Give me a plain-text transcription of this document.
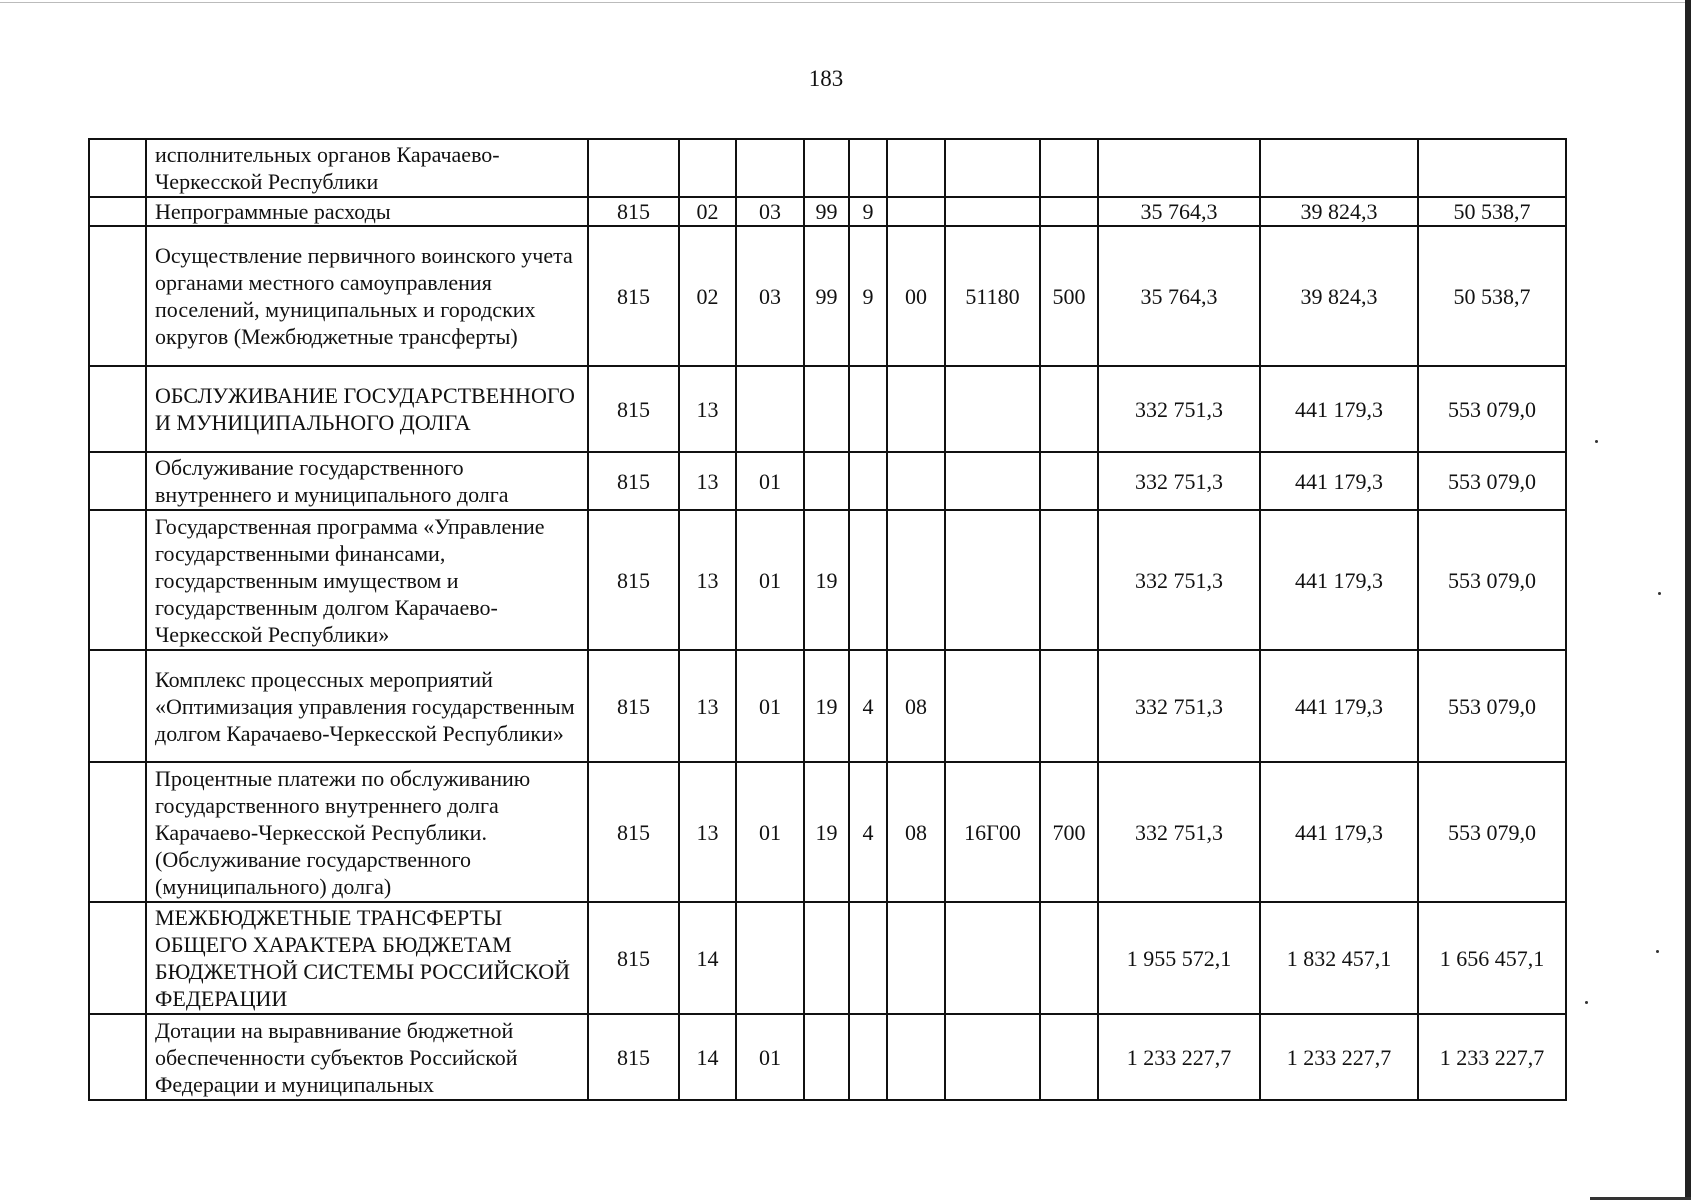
183
	исполнительных органов Карачаево-Черкесской Республики											
	Непрограммные расходы	815	02	03	99	9				35 764,3	39 824,3	50 538,7
	Осуществление первичного воинского учета органами местного самоуправления поселений, муниципальных и городских округов (Межбюджетные трансферты)	815	02	03	99	9	00	51180	500	35 764,3	39 824,3	50 538,7
	ОБСЛУЖИВАНИЕ ГОСУДАРСТВЕННОГО И МУНИЦИПАЛЬНОГО ДОЛГА	815	13							332 751,3	441 179,3	553 079,0
	Обслуживание государственного внутреннего и муниципального долга	815	13	01						332 751,3	441 179,3	553 079,0
	Государственная программа «Управление государственными финансами, государственным имуществом и государственным долгом Карачаево-Черкесской Республики»	815	13	01	19					332 751,3	441 179,3	553 079,0
	Комплекс процессных мероприятий «Оптимизация управления государственным долгом Карачаево-Черкесской Республики»	815	13	01	19	4	08			332 751,3	441 179,3	553 079,0
	Процентные платежи по обслуживанию государственного внутреннего долга Карачаево-Черкесской Республики. (Обслуживание государственного (муниципального) долга)	815	13	01	19	4	08	16Г00	700	332 751,3	441 179,3	553 079,0
	МЕЖБЮДЖЕТНЫЕ ТРАНСФЕРТЫ ОБЩЕГО ХАРАКТЕРА БЮДЖЕТАМ БЮДЖЕТНОЙ СИСТЕМЫ РОССИЙСКОЙ ФЕДЕРАЦИИ	815	14							1 955 572,1	1 832 457,1	1 656 457,1
	Дотации на выравнивание бюджетной обеспеченности субъектов Российской Федерации и муниципальных	815	14	01						1 233 227,7	1 233 227,7	1 233 227,7
